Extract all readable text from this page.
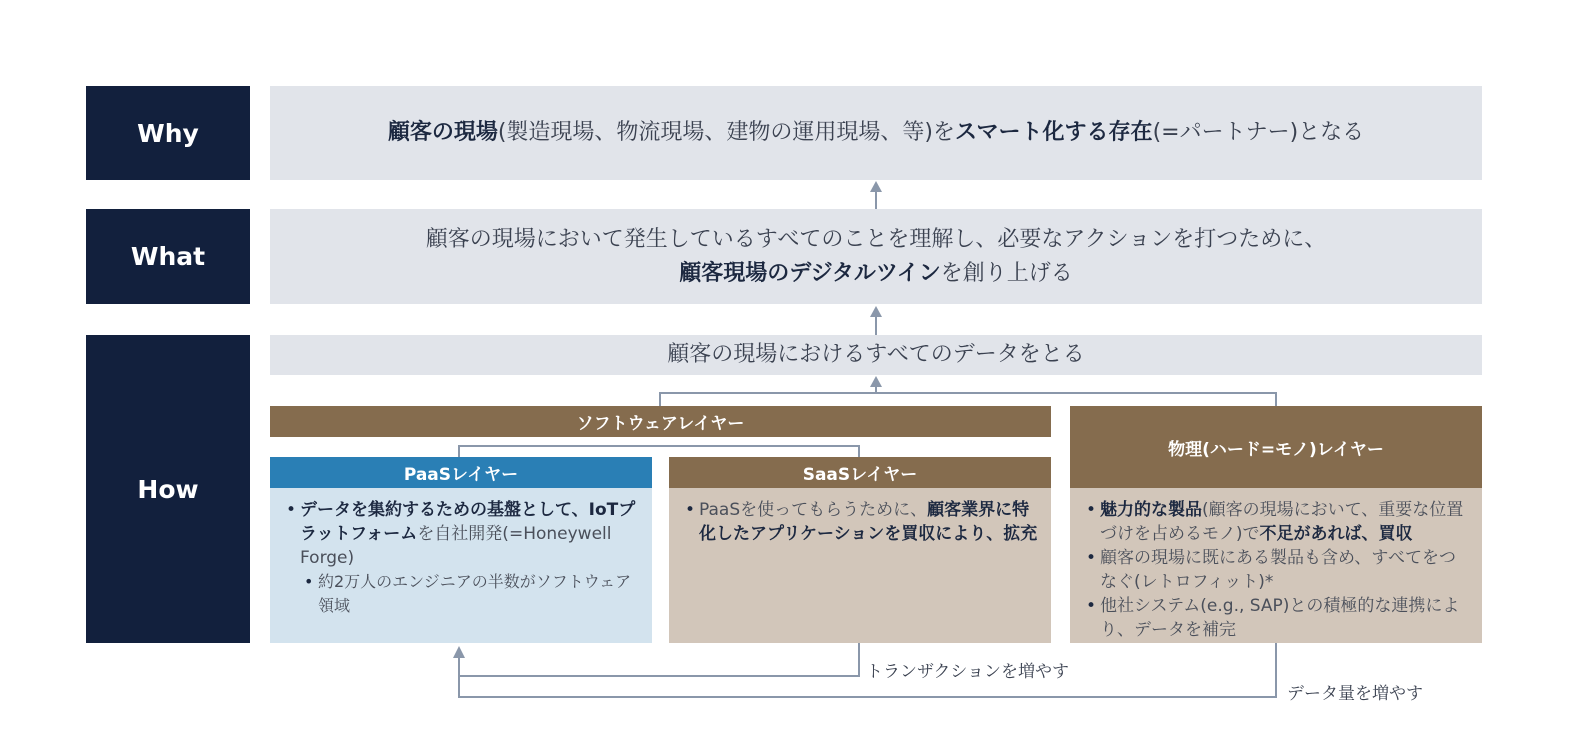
Why
What
How
顧客の現場(製造現場、物流現場、建物の運用現場、等)をスマート化する存在(=パートナー)となる
顧客の現場において発生しているすべてのことを理解し、必要なアクションを打つために、
顧客現場のデジタルツインを創り上げる
顧客の現場におけるすべてのデータをとる
ソフトウェアレイヤー
PaaSレイヤー
• データを集約するための基盤として、IoTプラットフォームを自社開発(=Honeywell Forge)
• 約2万人のエンジニアの半数がソフトウェア領域
SaaSレイヤー
• PaaSを使ってもらうために、顧客業界に特化したアプリケーションを買収により、拡充
物理(ハード=モノ)レイヤー
• 魅力的な製品(顧客の現場において、重要な位置づけを占めるモノ)で不足があれば、買収
• 顧客の現場に既にある製品も含め、すべてをつなぐ(レトロフィット)*
• 他社システム(e.g., SAP)との積極的な連携により、データを補完
トランザクションを増やす
データ量を増やす
